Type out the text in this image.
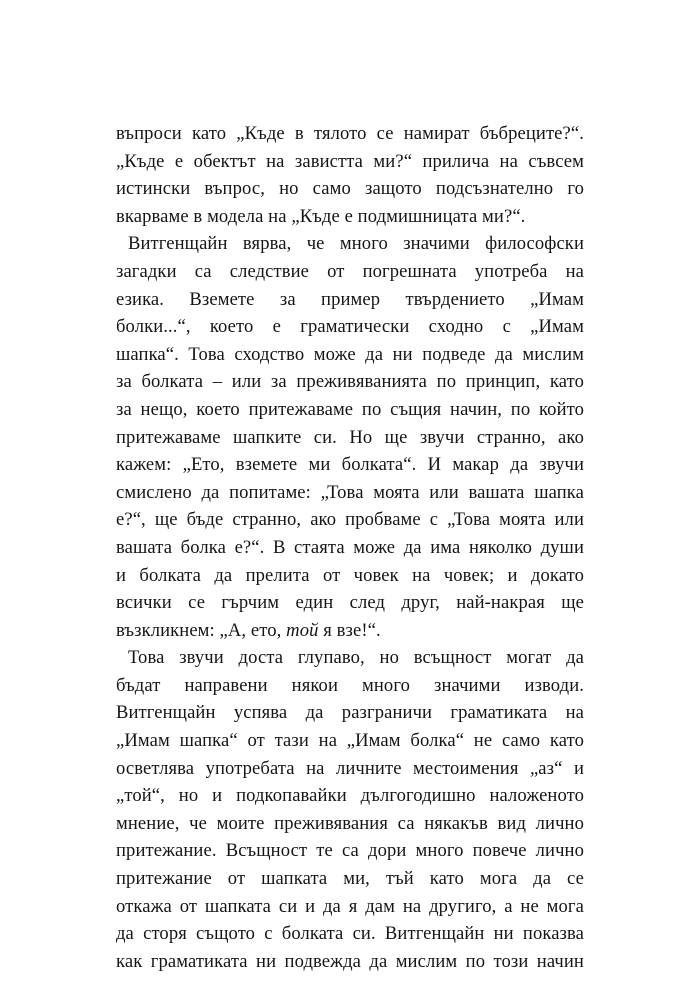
въпроси като „Къде в тялото се намират бъбреците?“.
„Къде е обектът на завистта ми?“ прилича на съвсем
истински въпрос, но само защото подсъзнателно го
вкарваме в модела на „Къде е подмишницата ми?“.
Витгенщайн вярва, че много значими философски
загадки са следствие от погрешната употреба на
езика. Вземете за пример твърдението „Имам
болки...“, което е граматически сходно с „Имам
шапка“. Това сходство може да ни подведе да мислим
за болката – или за преживяванията по принцип, като
за нещо, което притежаваме по същия начин, по който
притежаваме шапките си. Но ще звучи странно, ако
кажем: „Ето, вземете ми болката“. И макар да звучи
смислено да попитаме: „Това моята или вашата шапка
е?“, ще бъде странно, ако пробваме с „Това моята или
вашата болка е?“. В стаята може да има няколко души
и болката да прелита от човек на човек; и докато
всички се гърчим един след друг, най-накрая ще
възкликнем: „А, ето, той я взе!“.
Това звучи доста глупаво, но всъщност могат да
бъдат направени някои много значими изводи.
Витгенщайн успява да разграничи граматиката на
„Имам шапка“ от тази на „Имам болка“ не само като
осветлява употребата на личните местоимения „аз“ и
„той“, но и подкопавайки дългогодишно наложеното
мнение, че моите преживявания са някакъв вид лично
притежание. Всъщност те са дори много повече лично
притежание от шапката ми, тъй като мога да се
откажа от шапката си и да я дам на другиго, а не мога
да сторя същото с болката си. Витгенщайн ни показва
как граматиката ни подвежда да мислим по този начин
